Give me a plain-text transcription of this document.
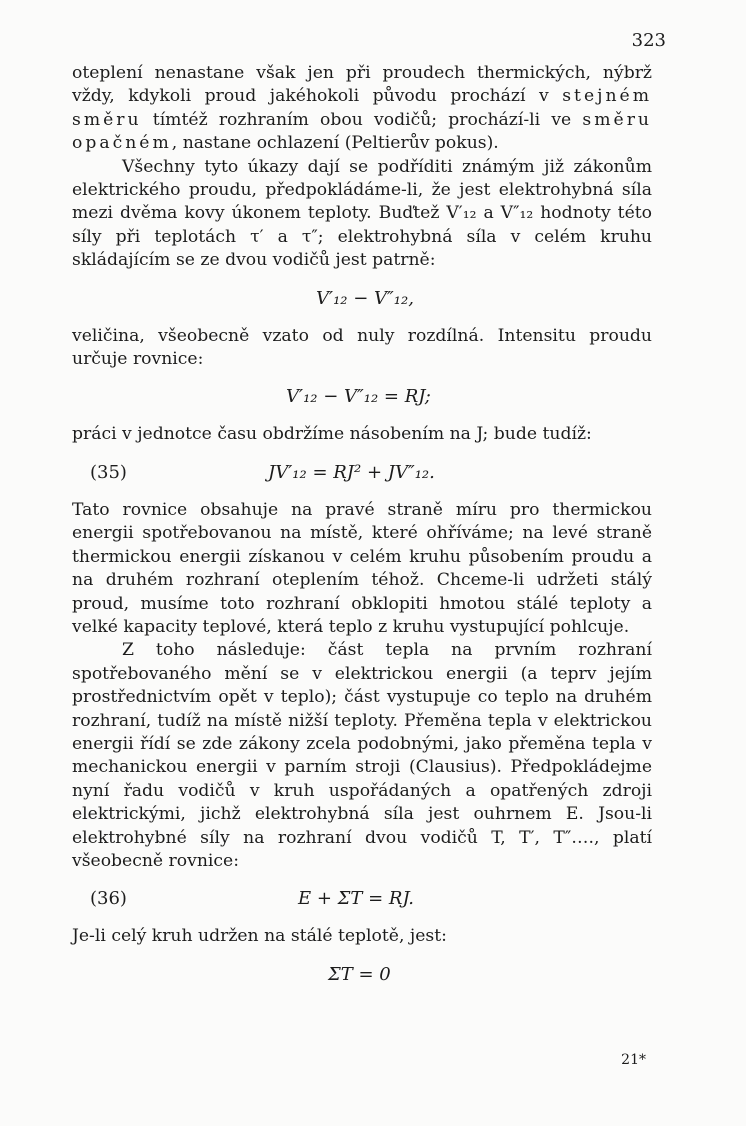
323

oteplení nenastane však jen při proudech thermických, nýbrž vždy, kdykoli proud jakéhokoli původu prochází v stejném směru tímtéž rozhraním obou vodičů; prochází-li ve směru opačném, nastane ochlazení (Peltierův pokus).

Všechny tyto úkazy dají se podříditi známým již zákonům elektrického proudu, předpokládáme-li, že jest elektrohybná síla mezi dvěma kovy úkonem teploty. Buďtež V′₁₂ a V″₁₂ hodnoty této síly při teplotách τ′ a τ″; elektrohybná síla v celém kruhu skládajícím se ze dvou vodičů jest patrně:

V′₁₂ − V″₁₂,

veličina, všeobecně vzato od nuly rozdílná. Intensitu proudu určuje rovnice:

V′₁₂ − V″₁₂ = RJ;

práci v jednotce času obdržíme násobením na J; bude tudíž:

(35)	JV′₁₂ = RJ² + JV″₁₂.

Tato rovnice obsahuje na pravé straně míru pro thermickou energii spotřebovanou na místě, které ohříváme; na levé straně thermickou energii získanou v celém kruhu působením proudu a na druhém rozhraní oteplením téhož. Chceme-li udržeti stálý proud, musíme toto rozhraní obklopiti hmotou stálé teploty a velké kapacity teplové, která teplo z kruhu vystupující pohlcuje.

Z toho následuje: část tepla na prvním rozhraní spotřebovaného mění se v elektrickou energii (a teprv jejím prostřednictvím opět v teplo); část vystupuje co teplo na druhém rozhraní, tudíž na místě nižší teploty. Přeměna tepla v elektrickou energii řídí se zde zákony zcela podobnými, jako přeměna tepla v mechanickou energii v parním stroji (Clausius). Předpokládejme nyní řadu vodičů v kruh uspořádaných a opatřených zdroji elektrickými, jichž elektrohybná síla jest ouhrnem E. Jsou-li elektrohybné síly na rozhraní dvou vodičů T, T′, T″…., platí všeobecně rovnice:

(36)	E + ΣT = RJ.

Je-li celý kruh udržen na stálé teplotě, jest:

ΣT = 0
21*
